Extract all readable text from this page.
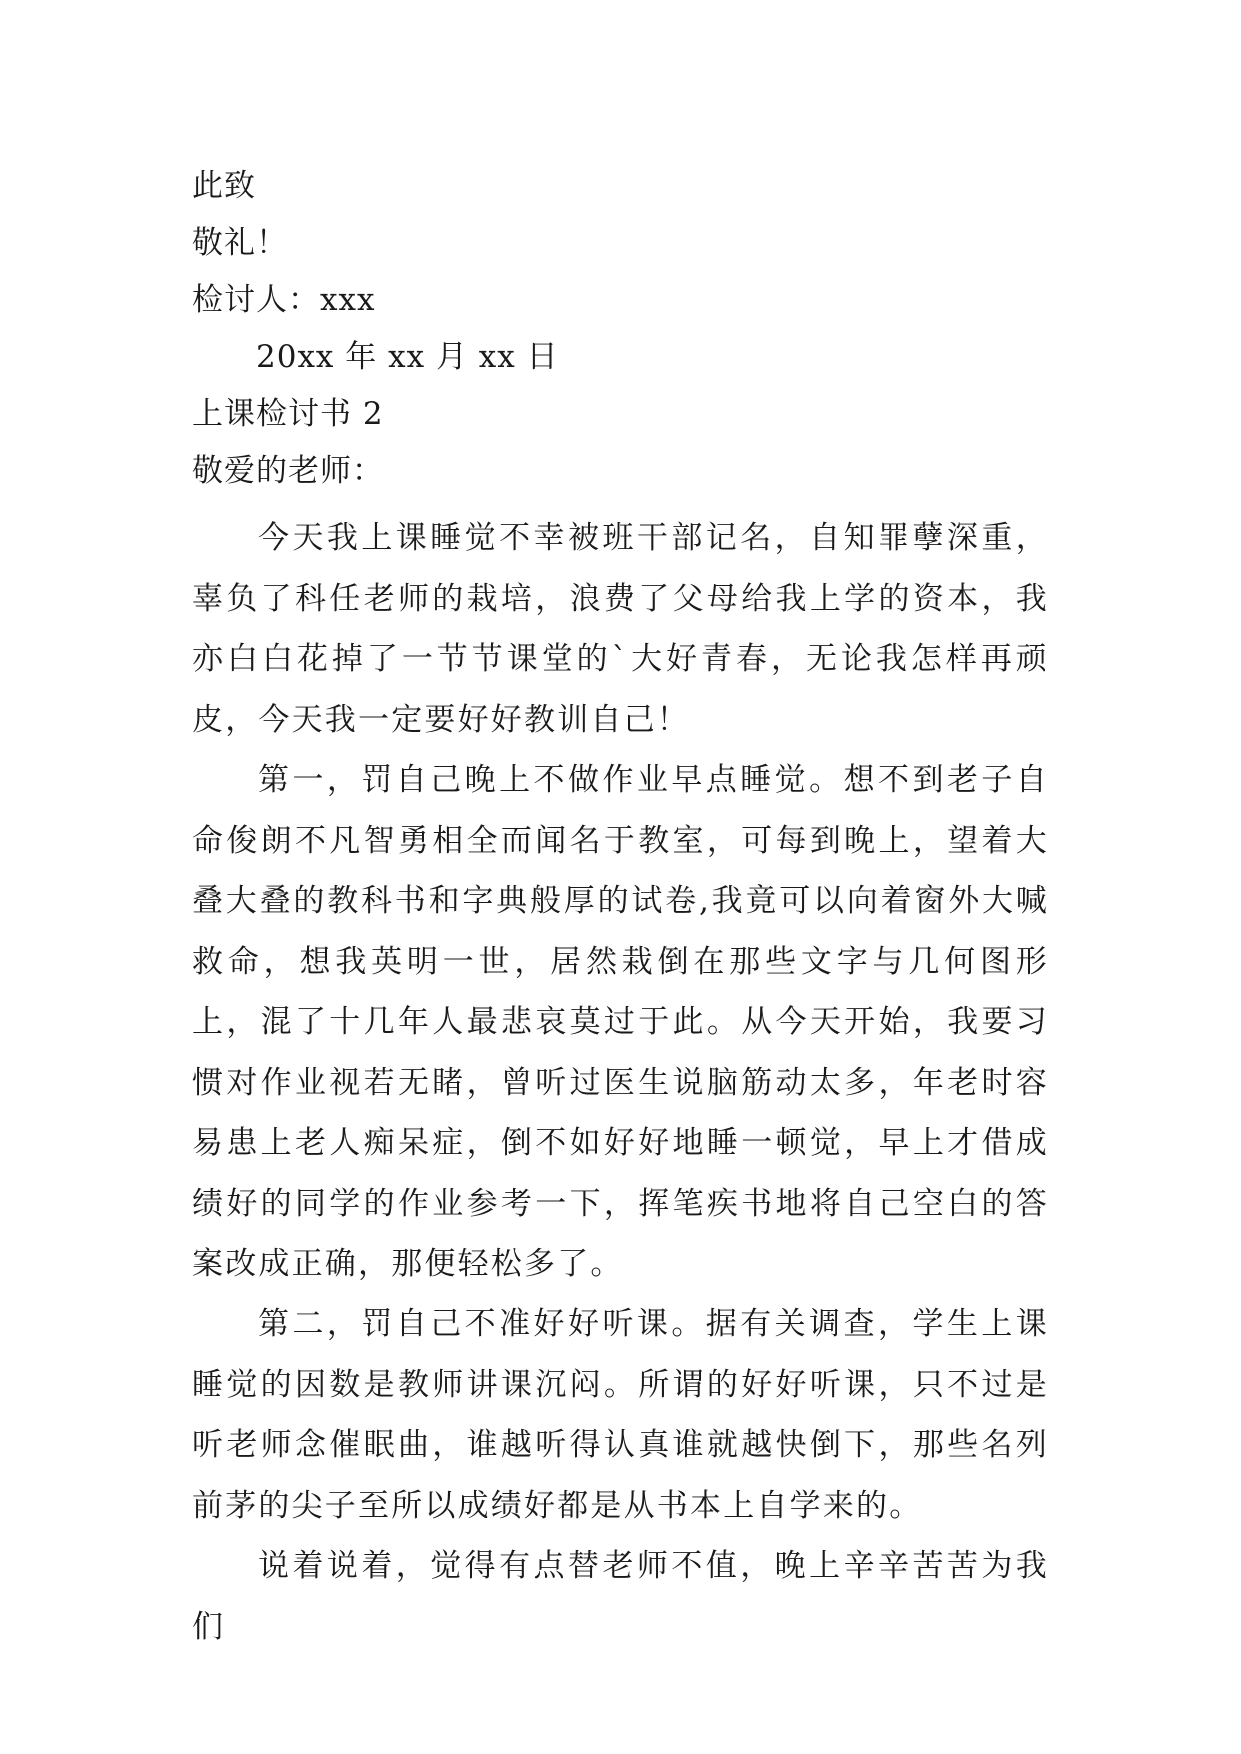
此致
敬礼！
检讨人：xxx
20xx 年 xx 月 xx 日
上课检讨书 2
敬爱的老师：

今天我上课睡觉不幸被班干部记名，自知罪孽深重，辜负了科任老师的栽培，浪费了父母给我上学的资本，我亦白白花掉了一节节课堂的`大好青春，无论我怎样再顽皮，今天我一定要好好教训自己！

第一，罚自己晚上不做作业早点睡觉。想不到老子自命俊朗不凡智勇相全而闻名于教室，可每到晚上，望着大叠大叠的教科书和字典般厚的试卷,我竟可以向着窗外大喊救命，想我英明一世，居然栽倒在那些文字与几何图形上，混了十几年人最悲哀莫过于此。从今天开始，我要习惯对作业视若无睹，曾听过医生说脑筋动太多，年老时容易患上老人痴呆症，倒不如好好地睡一顿觉，早上才借成绩好的同学的作业参考一下，挥笔疾书地将自己空白的答案改成正确，那便轻松多了。

第二，罚自己不准好好听课。据有关调查，学生上课睡觉的因数是教师讲课沉闷。所谓的好好听课，只不过是听老师念催眠曲，谁越听得认真谁就越快倒下，那些名列前茅的尖子至所以成绩好都是从书本上自学来的。

说着说着，觉得有点替老师不值，晚上辛辛苦苦为我们
